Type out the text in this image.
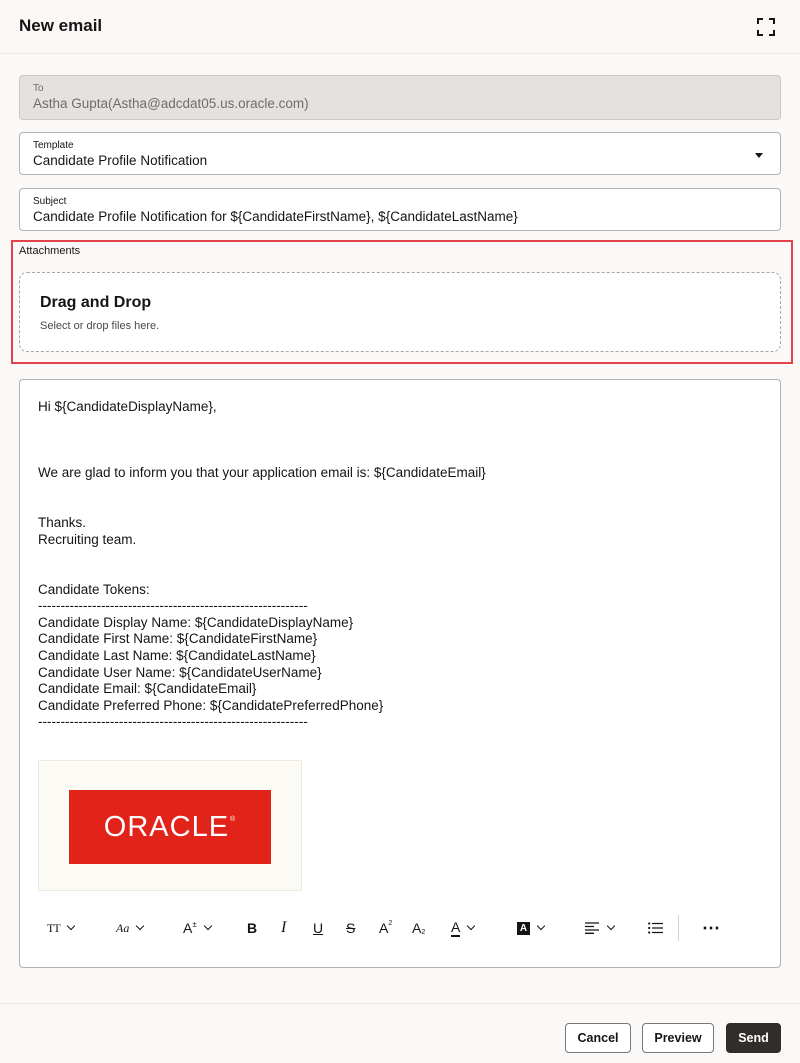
New email
To
Astha Gupta(Astha@adcdat05.us.oracle.com)
Template
Candidate Profile Notification
Subject
Candidate Profile Notification for ${CandidateFirstName}, ${CandidateLastName}
Attachments
Drag and Drop
Select or drop files here.
Hi ${CandidateDisplayName},
We are glad to inform you that your application email is: ${CandidateEmail}
Thanks.
Recruiting team.
Candidate Tokens:
------------------------------------------------------------
Candidate Display Name: ${CandidateDisplayName}
Candidate First Name: ${CandidateFirstName}
Candidate Last Name: ${CandidateLastName}
Candidate User Name: ${CandidateUserName}
Candidate Email: ${CandidateEmail}
Candidate Preferred Phone: ${CandidatePreferredPhone}
------------------------------------------------------------
ORACLE®
TT	Aa	A ±	B I U S A 2 A 2 A	A	⋯
Cancel	Preview	Send
